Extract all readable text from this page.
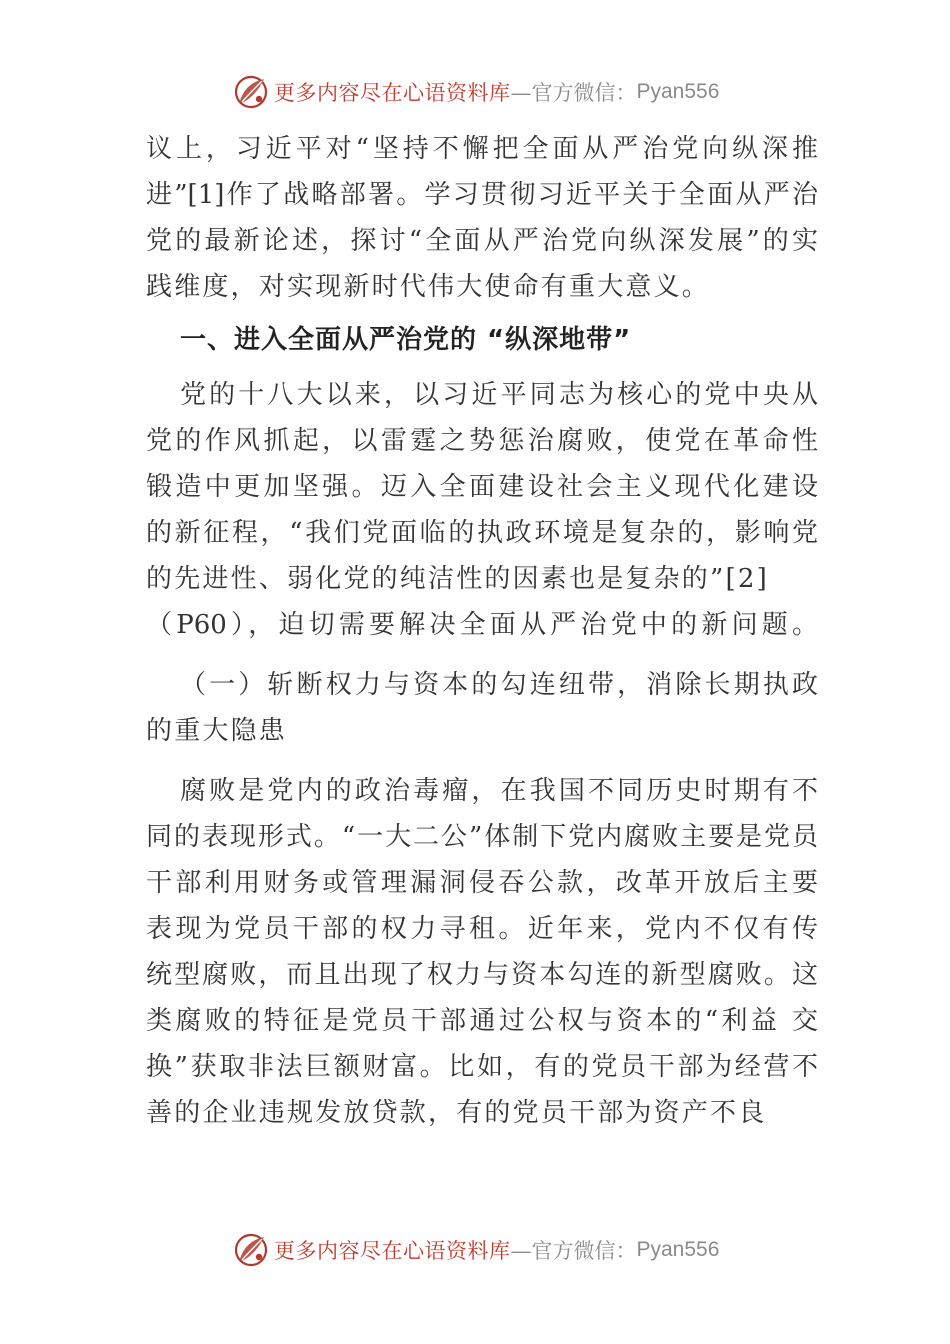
更多内容尽在心语资料库 —官方微信： Pyan556
议上，习近平对“坚持不懈把全面从严治党向纵深推
进”[1]作了战略部署。学习贯彻习近平关于全面从严治
党的最新论述，探讨“全面从严治党向纵深发展”的实
践维度，对实现新时代伟大使命有重大意义。
一、进入全面从严治党的 “纵深地带”
党的十八大以来，以习近平同志为核心的党中央从
党的作风抓起，以雷霆之势惩治腐败，使党在革命性
锻造中更加坚强。迈入全面建设社会主义现代化建设
的新征程，“我们党面临的执政环境是复杂的，影响党
的先进性、弱化党的纯洁性的因素也是复杂的”[2]
（P60），迫切需要解决全面从严治党中的新问题。
（一）斩断权力与资本的勾连纽带，消除长期执政
的重大隐患
腐败是党内的政治毒瘤，在我国不同历史时期有不
同的表现形式。“一大二公”体制下党内腐败主要是党员
干部利用财务或管理漏洞侵吞公款，改革开放后主要
表现为党员干部的权力寻租。近年来，党内不仅有传
统型腐败，而且出现了权力与资本勾连的新型腐败。这
类腐败的特征是党员干部通过公权与资本的“利益 交
换”获取非法巨额财富。比如，有的党员干部为经营不
善的企业违规发放贷款，有的党员干部为资产不良
更多内容尽在心语资料库 —官方微信： Pyan556
